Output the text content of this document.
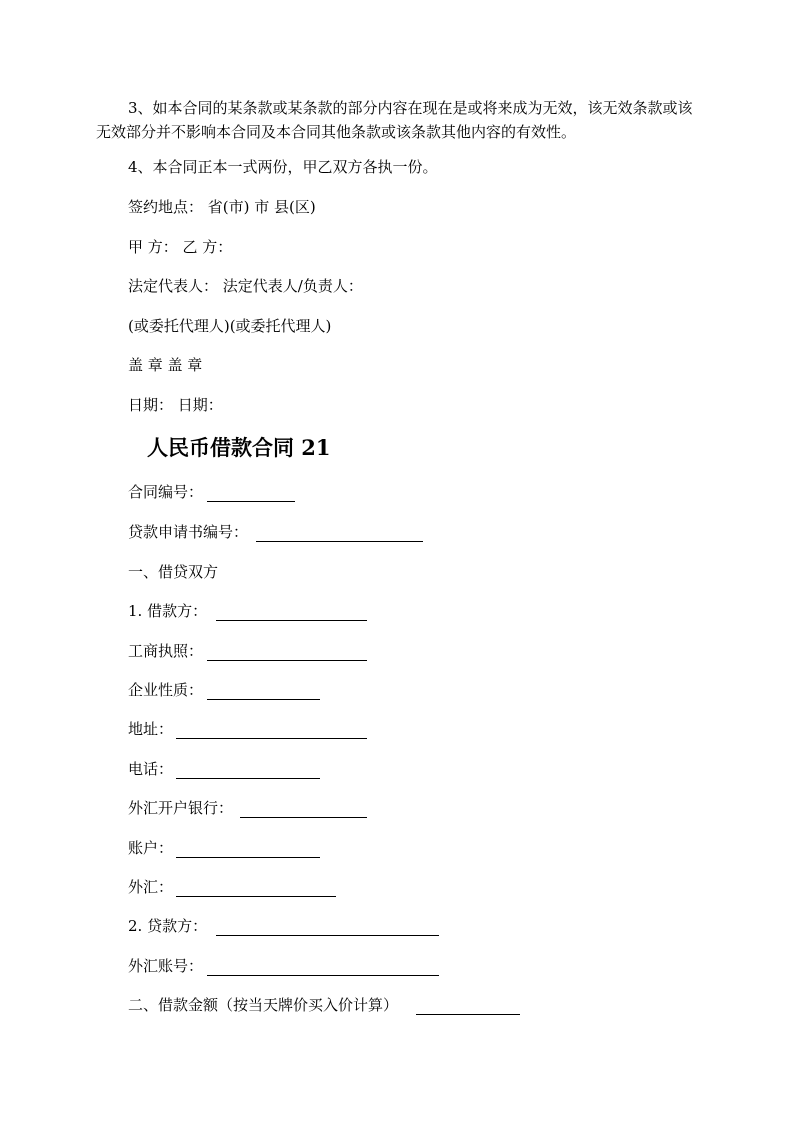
3、如本合同的某条款或某条款的部分内容在现在是或将来成为无效，该无效条款或该无效部分并不影响本合同及本合同其他条款或该条款其他内容的有效性。
4、本合同正本一式两份，甲乙双方各执一份。
签约地点： 省(市) 市 县(区)
甲 方： 乙 方：
法定代表人： 法定代表人/负责人：
(或委托代理人)(或委托代理人)
盖 章 盖 章
日期： 日期：
人民币借款合同 21
合同编号：
贷款申请书编号：
一、借贷双方
1. 借款方：
工商执照：
企业性质：
地址：
电话：
外汇开户银行：
账户：
外汇：
2. 贷款方：
外汇账号：
二、借款金额（按当天牌价买入价计算）
